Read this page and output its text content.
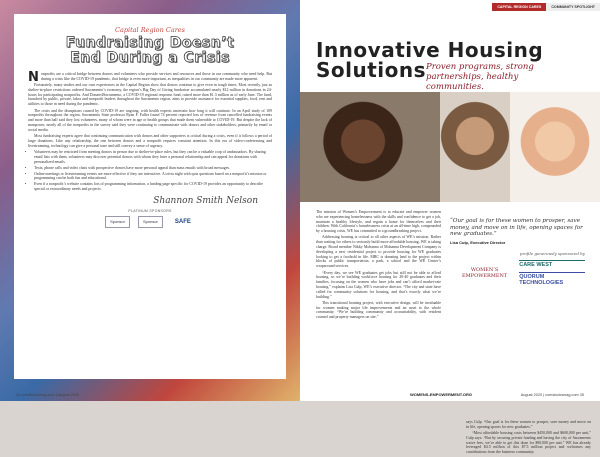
Capital Region Cares
Fundraising Doesn’t
End During a Crisis

Nonprofits are a critical bridge between donors and volunteers who provide services and resources and those in our community who need help. But during a crisis like the COVID-19 pandemic, that bridge is even more important, as inequalities in our community are made more apparent.

Fortunately, many studies and our own experiences in the Capital Region show that donors continue to give even in tough times. Most recently, just as shelter-in-place restrictions ordered Sacramento’s economy, the region’s Big Day of Giving fundraiser accumulated nearly $12 million in donations in 24-hours for participating nonprofits. And Donate4Sacramento, a COVID-19 regional response fund, raised more than $1.3 million as of early June. The fund, launched by public, private, labor and nonprofit leaders throughout the Sacramento region, aims to provide assistance for essential supplies, food, rent and utilities to those in need during the pandemic.

The crisis and the disruptions caused by COVID-19 are ongoing, with health experts uncertain how long it will continue. In an April study of 109 nonprofits throughout the region, Sacramento State professor Ryan F. Fuller found 74 percent reported loss of revenue from cancelled fundraising events and more than half said they lost volunteers, many of whom were in age or health groups that made them vulnerable to COVID-19. But despite the lack of manpower, nearly all of the nonprofits in the survey said they were continuing to communicate with donors and other stakeholders, primarily by email or social media.

Most fundraising experts agree that continuing communication with donors and other supporters is critical during a crisis, even if it follows a period of large donations. Like any relationship, the one between donors and a nonprofit requires constant attention. In this era of video-conferencing and livestreaming, technology can give a personal tone and still convey a sense of urgency.

• Volunteers may be restricted from meeting donors in person due to shelter-in-place rules, but they can be a valuable corp of ambassadors. By sharing email lists with them, volunteers may discover potential donors with whom they have a personal relationship and can appeal for donations with personalized emails.
• Texts, phone calls and video chats with prospective donors have more personal appeal than mass emails with broad messages.
• Online meetings or livestreaming events are more effective if they are interactive. A trivia night with quiz questions based on a nonprofit’s mission or programming can be both fun and educational.
• Even if a nonprofit’s website contains lots of programming information, a landing page specific for COVID-19 provides an opportunity to describe special or extraordinary needs and projects.
Shannon Smith Nelson
PLATINUM SPONSORS
Sponsor	Sponsor	SAFE
34 comstocksmag.com | August 2020
CAPITAL REGION CARES	COMMUNITY SPOTLIGHT
Innovative Housing
Solutions Proven programs, strong partnerships, healthy communities.

The mission of Women’s Empowerment is to educate and empower women who are experiencing homelessness with the skills and confidence to get a job, maintain a healthy lifestyle, and regain a home for themselves and their children. With California’s homelessness crisis at an all-time high, compounded by a housing crisis, WE has committed to a groundbreaking project.

Addressing housing is critical to all other aspects of WE’s mission. Rather than waiting for others to seriously build more affordable housing, WE is taking charge. Board member Nikky Mohanna of Mohanna Development Company is developing a new residential project to provide housing for WE graduates looking to get a foothold in life. MBC is donating land to the project within blocks of public transportation, a park, a school and the WE Center’s wraparound services.

“Every day, we see WE graduates get jobs but still not be able to afford housing, so we’re building workforce housing for 20-40 graduates and their families, focusing on the women who have jobs and can’t afford market-rate housing,” explains Lisa Culp, WE’s executive director. “The city and state have called for community solutions for housing, and that’s exactly what we’re building.”

This transitional housing project, with executive design, will be invaluable for women making major life improvements and an asset to the whole community. “We’re building community and accountability, with resident counsel and property managers on site,”

says Culp. “Our goal is for these women to prosper, save money and move on in life, opening spaces for new graduates.”

“Most affordable housing costs between $450,000 and $600,000 per unit,” Culp says. “But by securing private funding and having the city of Sacramento waive fees, we’re able to get this done for $90,000 per unit.” WE has already leveraged $4.5 million of this $7.5 million project and welcomes any contributions from the business community.

“Our goal is for these women to prosper, save money, and move on in life, opening spaces for new graduates.”
Lisa Culp, Executive Director
profile generously sponsored by
WOMEN’S EMPOWERMENT
CARE WEST
QUORUM TECHNOLOGIES
WOMENS-EMPOWERMENT.ORG	August 2020 | comstocksmag.com 35
